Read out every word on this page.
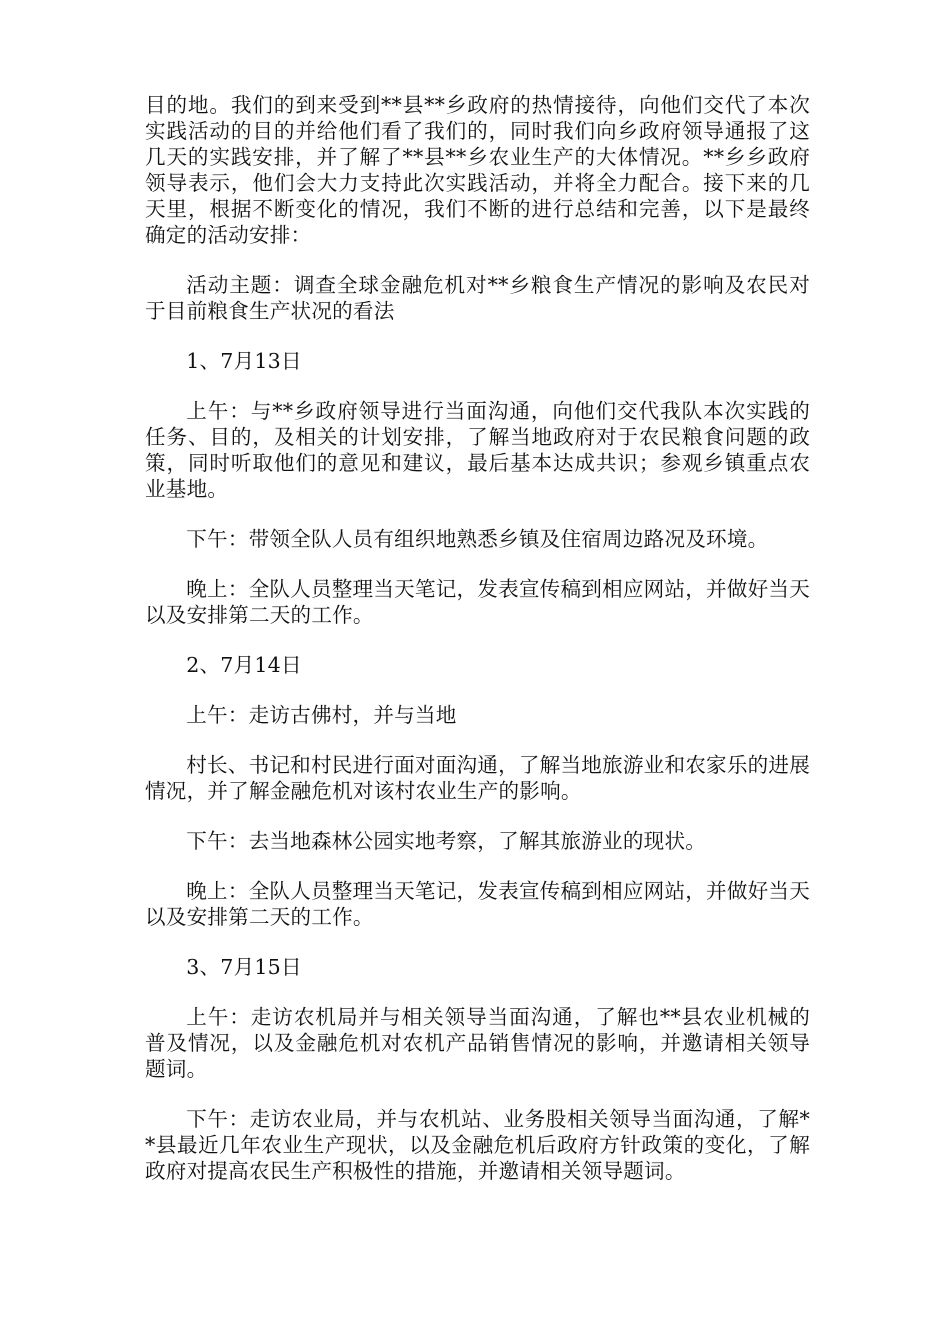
目的地。我们的到来受到**县**乡政府的热情接待，向他们交代了本次实践活动的目的并给他们看了我们的，同时我们向乡政府领导通报了这几天的实践安排，并了解了**县**乡农业生产的大体情况。**乡乡政府领导表示，他们会大力支持此次实践活动，并将全力配合。接下来的几天里，根据不断变化的情况，我们不断的进行总结和完善，以下是最终确定的活动安排：

活动主题：调查全球金融危机对**乡粮食生产情况的影响及农民对于目前粮食生产状况的看法

1、7月13日

上午：与**乡政府领导进行当面沟通，向他们交代我队本次实践的任务、目的，及相关的计划安排，了解当地政府对于农民粮食问题的政策，同时听取他们的意见和建议，最后基本达成共识；参观乡镇重点农业基地。

下午：带领全队人员有组织地熟悉乡镇及住宿周边路况及环境。

晚上：全队人员整理当天笔记，发表宣传稿到相应网站，并做好当天以及安排第二天的工作。

2、7月14日

上午：走访古佛村，并与当地

村长、书记和村民进行面对面沟通，了解当地旅游业和农家乐的进展情况，并了解金融危机对该村农业生产的影响。

下午：去当地森林公园实地考察，了解其旅游业的现状。

晚上：全队人员整理当天笔记，发表宣传稿到相应网站，并做好当天以及安排第二天的工作。

3、7月15日

上午：走访农机局并与相关领导当面沟通，了解也**县农业机械的普及情况，以及金融危机对农机产品销售情况的影响，并邀请相关领导题词。

下午：走访农业局，并与农机站、业务股相关领导当面沟通，了解**县最近几年农业生产现状，以及金融危机后政府方针政策的变化，了解政府对提高农民生产积极性的措施，并邀请相关领导题词。
